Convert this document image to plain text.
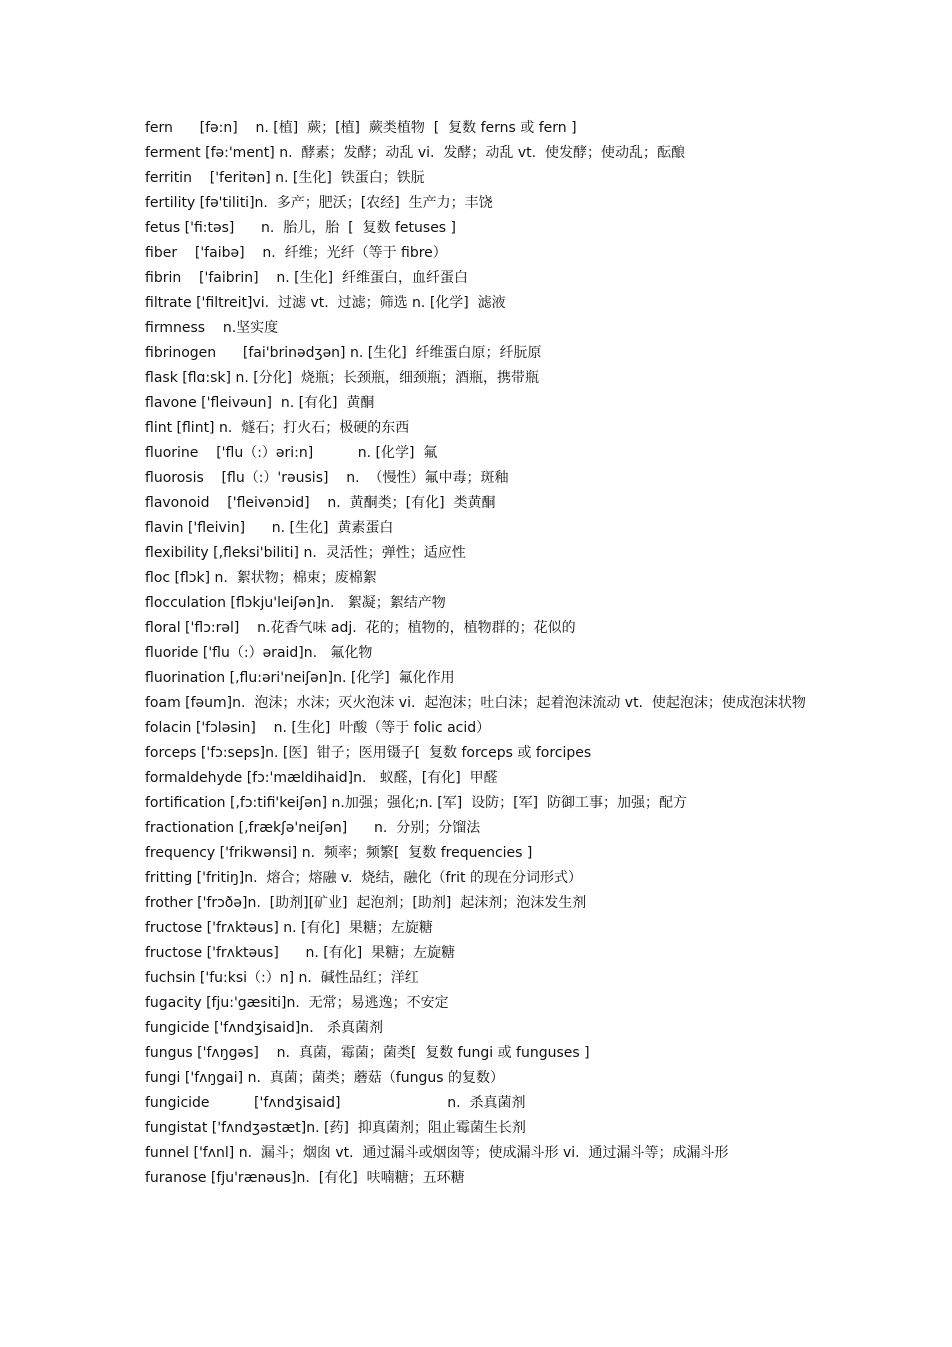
fern      [fə:n]    n. [植]  蕨；[植]  蕨类植物  [  复数 ferns 或 fern ]
ferment [fə:'ment] n.  酵素；发酵；动乱 vi.  发酵；动乱 vt.  使发酵；使动乱；酝酿
ferritin    ['feritən] n. [生化]  铁蛋白；铁朊
fertility [fə'tiliti]n.  多产；肥沃；[农经]  生产力；丰饶
fetus ['fi:təs]      n.  胎儿，胎  [  复数 fetuses ]
fiber    ['faibə]    n.  纤维；光纤（等于 fibre）
fibrin    ['faibrin]    n. [生化]  纤维蛋白，血纤蛋白
filtrate ['filtreit]vi.  过滤 vt.  过滤；筛选 n. [化学]  滤液
firmness    n.坚实度
fibrinogen      [fai'brinədʒən] n. [生化]  纤维蛋白原；纤朊原
flask [flɑ:sk] n. [分化]  烧瓶；长颈瓶，细颈瓶；酒瓶，携带瓶
flavone ['fleivəun]  n. [有化]  黄酮
flint [flint] n.  燧石；打火石；极硬的东西
fluorine    ['flu（:）əri:n]          n. [化学]  氟
fluorosis    [flu（:）'rəusis]    n.  （慢性）氟中毒；斑釉
flavonoid    ['fleivənɔid]    n.  黄酮类；[有化]  类黄酮
flavin ['fleivin]      n. [生化]  黄素蛋白
flexibility [,fleksi'biliti] n.  灵活性；弹性；适应性
floc [flɔk] n.  絮状物；棉束；废棉絮
flocculation [flɔkju'leiʃən]n.   絮凝；絮结产物
floral ['flɔ:rəl]    n.花香气味 adj.  花的；植物的，植物群的；花似的
fluoride ['flu（:）əraid]n.   氟化物
fluorination [,flu:əri'neiʃən]n. [化学]  氟化作用
foam [fəum]n.  泡沫；水沫；灭火泡沫 vi.  起泡沫；吐白沫；起着泡沫流动 vt.  使起泡沫；使成泡沫状物
folacin ['fɔləsin]    n. [生化]  叶酸（等于 folic acid）
forceps ['fɔ:seps]n. [医]  钳子；医用镊子[  复数 forceps 或 forcipes
formaldehyde [fɔ:'mældihaid]n.   蚁醛，[有化]  甲醛
fortification [,fɔ:tifi'keiʃən] n.加强；强化;n. [军]  设防；[军]  防御工事；加强；配方
fractionation [,frækʃə'neiʃən]      n.  分别；分馏法
frequency ['frikwənsi] n.  频率；频繁[  复数 frequencies ]
fritting ['fritiŋ]n.  熔合；熔融 v.  烧结，融化（frit 的现在分词形式）
frother ['frɔðə]n.  [助剂][矿业]  起泡剂；[助剂]  起沫剂；泡沫发生剂
fructose ['frʌktəus] n. [有化]  果糖；左旋糖
fructose ['frʌktəus]      n. [有化]  果糖；左旋糖
fuchsin ['fu:ksi（:）n] n.  碱性品红；洋红
fugacity [fju:'gæsiti]n.  无常；易逃逸；不安定
fungicide ['fʌndʒisaid]n.   杀真菌剂
fungus ['fʌŋgəs]    n.  真菌，霉菌；菌类[  复数 fungi 或 funguses ]
fungi ['fʌŋgai] n.  真菌；菌类；蘑菇（fungus 的复数）
fungicide          ['fʌndʒisaid]                        n.  杀真菌剂
fungistat ['fʌndʒəstæt]n. [药]  抑真菌剂；阻止霉菌生长剂
funnel ['fʌnl] n.  漏斗；烟囱 vt.  通过漏斗或烟囱等；使成漏斗形 vi.  通过漏斗等；成漏斗形
furanose [fju'rænəus]n.  [有化]  呋喃糖；五环糖
